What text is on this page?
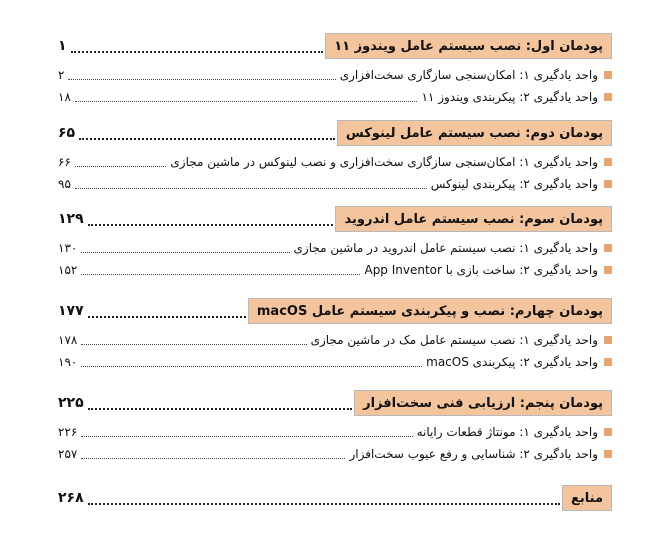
۱	پودمان اول: نصب سیستم عامل ویندوز ۱۱
۲	واحد یادگیری ۱: امکان‌سنجی سازگاری سخت‌افزاری
۱۸	واحد یادگیری ۲: پیکربندی ویندوز ۱۱
۶۵	پودمان دوم: نصب سیستم عامل لینوکس
۶۶	واحد یادگیری ۱: امکان‌سنجی سازگاری سخت‌افزاری و نصب لینوکس در ماشین مجازی
۹۵	واحد یادگیری ۲: پیکربندی لینوکس
۱۲۹	پودمان سوم: نصب سیستم عامل اندروید
۱۳۰	واحد یادگیری ۱: نصب سیستم عامل اندروید در ماشین مجازی
۱۵۲	واحد یادگیری ۲: ساخت بازی با App Inventor
۱۷۷	پودمان چهارم: نصب و پیکربندی سیستم عامل macOS
۱۷۸	واحد یادگیری ۱: نصب سیستم عامل مک در ماشین مجازی
۱۹۰	واحد یادگیری ۲: پیکربندی macOS
۲۲۵	پودمان پنجم: ارزیابی فنی سخت‌افزار
۲۲۶	واحد یادگیری ۱: مونتاژ قطعات رایانه
۲۵۷	واحد یادگیری ۲: شناسایی و رفع عیوب سخت‌افزار
۲۶۸	منابع
